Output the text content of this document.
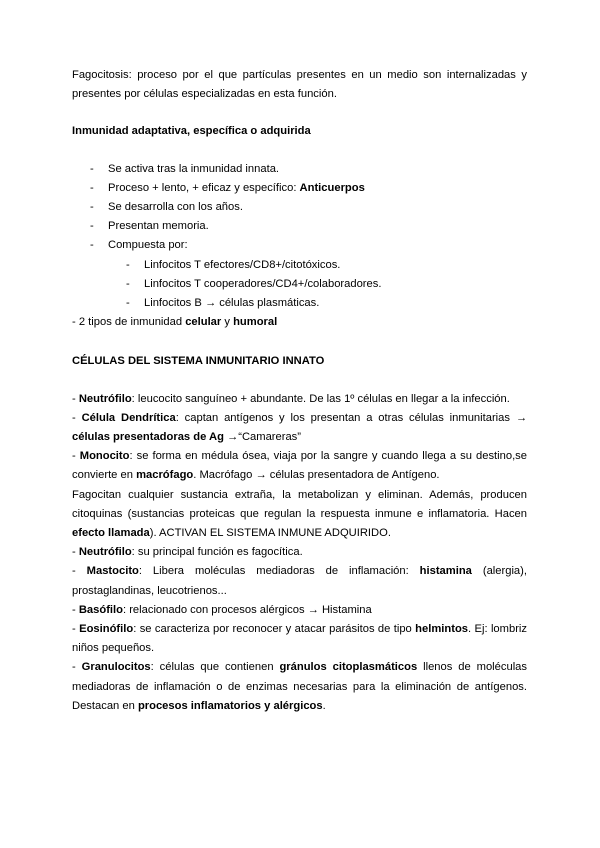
Fagocitosis: proceso por el que partículas presentes en un medio son internalizadas y presentes por células especializadas en esta función.

Inmunidad adaptativa, específica o adquirida

- Se activa tras la inmunidad innata.
- Proceso + lento, + eficaz y específico: Anticuerpos
- Se desarrolla con los años.
- Presentan memoria.
- Compuesta por:
- Linfocitos T efectores/CD8+/citotóxicos.
- Linfocitos T cooperadores/CD4+/colaboradores.
- Linfocitos B → células plasmáticas.

- 2 tipos de inmunidad celular y humoral

CÉLULAS DEL SISTEMA INMUNITARIO INNATO

- Neutrófilo: leucocito sanguíneo + abundante. De las 1º células en llegar a la infección.

- Célula Dendrítica: captan antígenos y los presentan a otras células inmunitarias → células presentadoras de Ag →“Camareras”

- Monocito: se forma en médula ósea, viaja por la sangre y cuando llega a su destino,se convierte en macrófago. Macrófago → células presentadora de Antígeno.

Fagocitan cualquier sustancia extraña, la metabolizan y eliminan. Además, producen citoquinas (sustancias proteicas que regulan la respuesta inmune e inflamatoria. Hacen efecto llamada). ACTIVAN EL SISTEMA INMUNE ADQUIRIDO.

- Neutrófilo: su principal función es fagocítica.

- Mastocito: Libera moléculas mediadoras de inflamación: histamina (alergia), prostaglandinas, leucotrienos...

- Basófilo: relacionado con procesos alérgicos → Histamina

- Eosinófilo: se caracteriza por reconocer y atacar parásitos de tipo helmintos. Ej: lombriz niños pequeños.

- Granulocitos: células que contienen gránulos citoplasmáticos llenos de moléculas mediadoras de inflamación o de enzimas necesarias para la eliminación de antígenos. Destacan en procesos inflamatorios y alérgicos.
